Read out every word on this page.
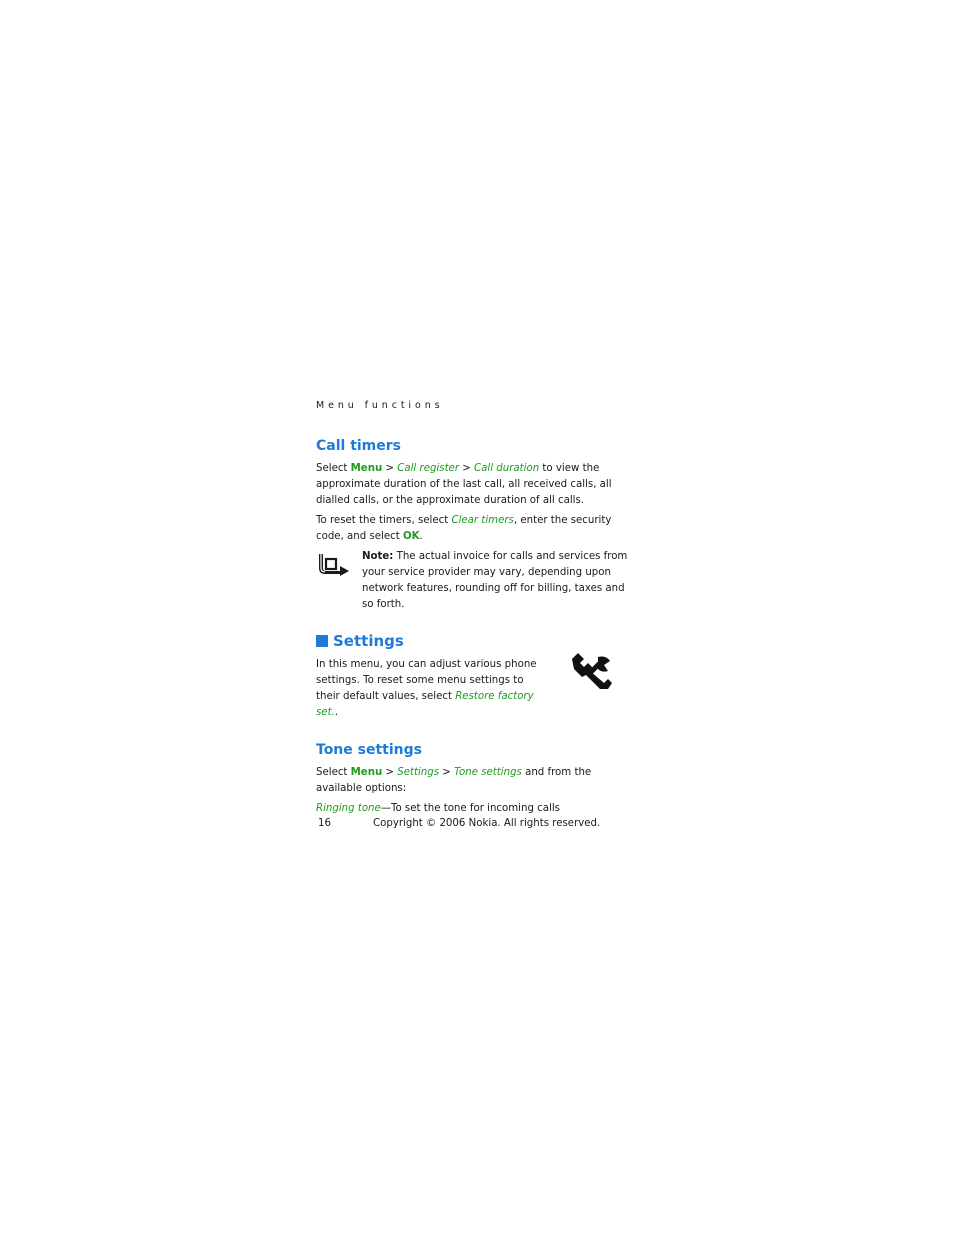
Menu functions
Call timers

Select Menu > Call register > Call duration to view the approximate duration of the last call, all received calls, all dialled calls, or the approximate duration of all calls.

To reset the timers, select Clear timers, enter the security code, and select OK.

Note: The actual invoice for calls and services from your service provider may vary, depending upon network features, rounding off for billing, taxes and so forth.

Settings

In this menu, you can adjust various phone settings. To reset some menu settings to their default values, select Restore factory set..

Tone settings

Select Menu > Settings > Tone settings and from the available options:

Ringing tone—To set the tone for incoming calls

16	Copyright © 2006 Nokia. All rights reserved.
